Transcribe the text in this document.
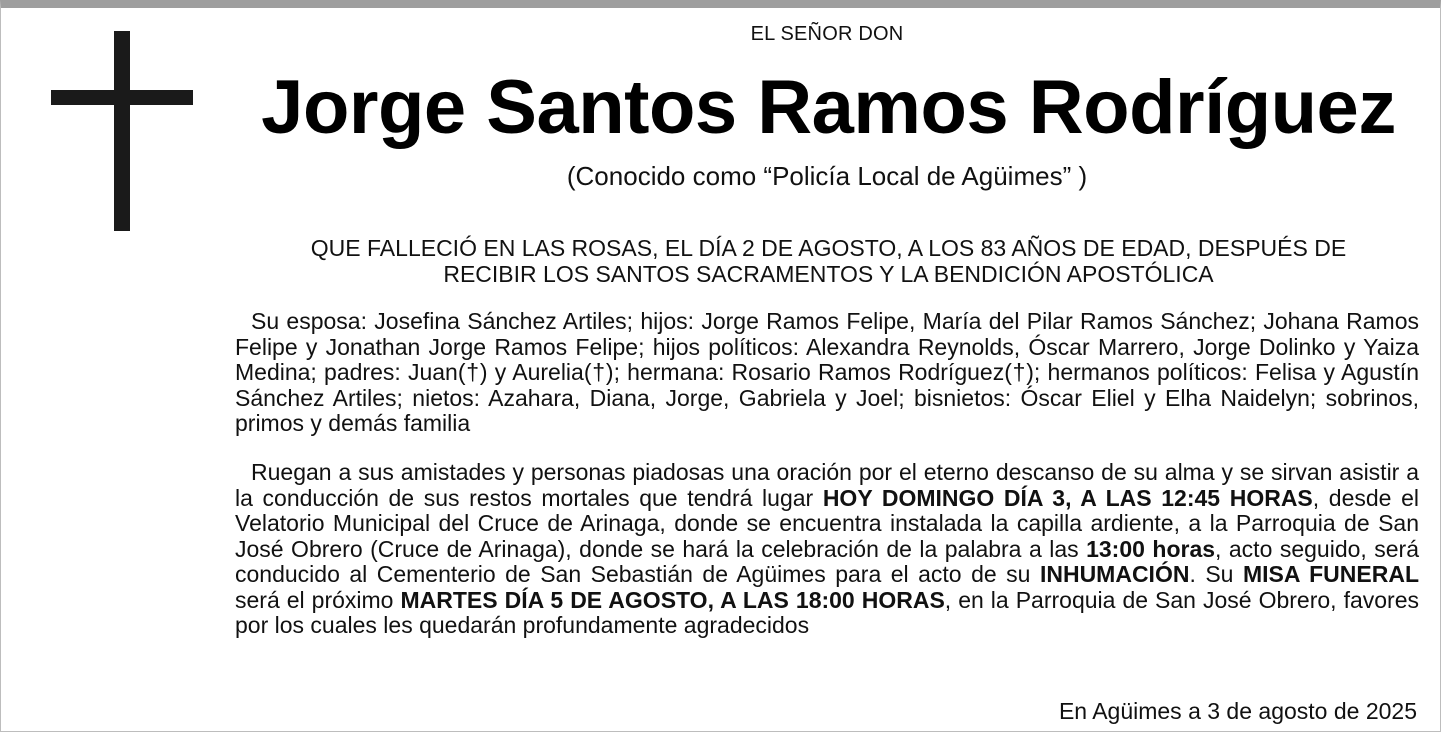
EL SEÑOR DON
Jorge Santos Ramos Rodríguez
(Conocido como “Policía Local de Agüimes” )
QUE FALLECIÓ EN LAS ROSAS, EL DÍA 2 DE AGOSTO, A LOS 83 AÑOS DE EDAD, DESPUÉS DE
RECIBIR LOS SANTOS SACRAMENTOS Y LA BENDICIÓN APOSTÓLICA

Su esposa: Josefina Sánchez Artiles; hijos: Jorge Ramos Felipe, María del Pilar Ramos Sánchez; Johana Ramos Felipe y Jonathan Jorge Ramos Felipe; hijos políticos: Alexandra Reynolds, Óscar Marrero, Jorge Dolinko y Yaiza Medina; padres: Juan(†) y Aurelia(†); hermana: Rosario Ramos Rodríguez(†); hermanos políticos: Felisa y Agustín Sánchez Artiles; nietos: Azahara, Diana, Jorge, Gabriela y Joel; bisnietos: Óscar Eliel y Elha Naidelyn; sobrinos, primos y demás familia

Ruegan a sus amistades y personas piadosas una oración por el eterno descanso de su alma y se sirvan asistir a la conducción de sus restos mortales que tendrá lugar HOY DOMINGO DÍA 3, A LAS 12:45 HORAS, desde el Velatorio Municipal del Cruce de Arinaga, donde se encuentra instalada la capilla ardiente, a la Parroquia de San José Obrero (Cruce de Arinaga), donde se hará la celebración de la palabra a las 13:00 horas, acto seguido, será conducido al Cementerio de San Sebastián de Agüimes para el acto de su INHUMACIÓN. Su MISA FUNERAL será el próximo MARTES DÍA 5 DE AGOSTO, A LAS 18:00 HORAS, en la Parroquia de San José Obrero, favores por los cuales les quedarán profundamente agradecidos

En Agüimes a 3 de agosto de 2025
